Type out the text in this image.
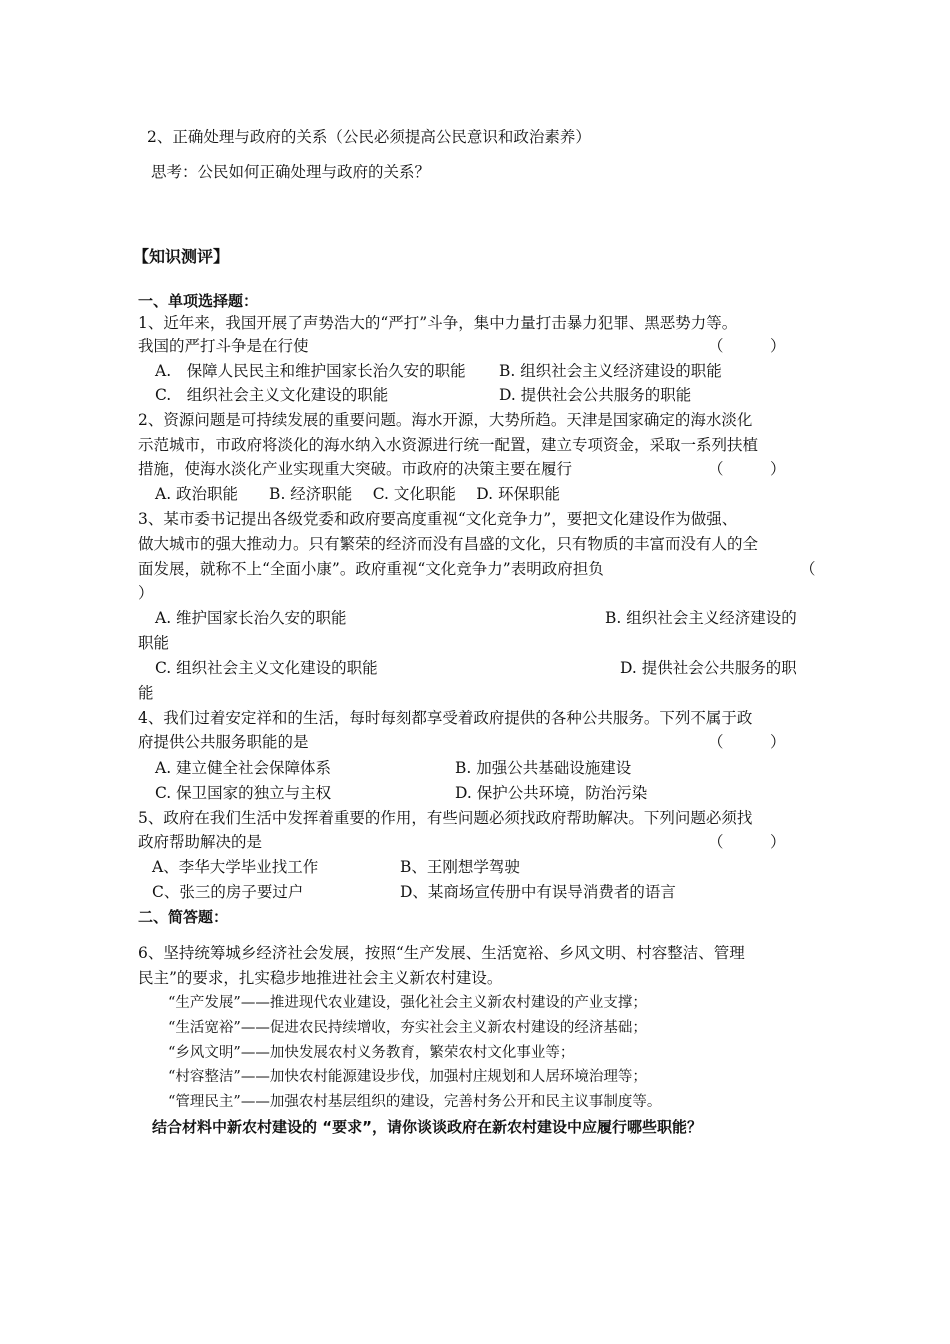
2、正确处理与政府的关系（公民必须提高公民意识和政治素养）
思考：公民如何正确处理与政府的关系？
【知识测评】
一、单项选择题：
1、近年来，我国开展了声势浩大的“严打”斗争，集中力量打击暴力犯罪、黑恶势力等。
我国的严打斗争是在行使	（　　　）
A.　保障人民民主和维护国家长治久安的职能 B. 组织社会主义经济建设的职能
C.　组织社会主义文化建设的职能	D. 提供社会公共服务的职能
2、资源问题是可持续发展的重要问题。海水开源，大势所趋。天津是国家确定的海水淡化
示范城市，市政府将淡化的海水纳入水资源进行统一配置，建立专项资金，采取一系列扶植
措施，使海水淡化产业实现重大突破。市政府的决策主要在履行	（　　　）
A. 政治职能　　B. 经济职能　 C. 文化职能　 D. 环保职能
3、某市委书记提出各级党委和政府要高度重视“文化竞争力”，要把文化建设作为做强、
做大城市的强大推动力。只有繁荣的经济而没有昌盛的文化，只有物质的丰富而没有人的全
面发展，就称不上“全面小康”。政府重视“文化竞争力”表明政府担负	（
）
A. 维护国家长治久安的职能	B. 组织社会主义经济建设的
职能
C. 组织社会主义文化建设的职能	D. 提供社会公共服务的职
能
4、我们过着安定祥和的生活，每时每刻都享受着政府提供的各种公共服务。下列不属于政
府提供公共服务职能的是	（　　　）
A. 建立健全社会保障体系	B. 加强公共基础设施建设
C. 保卫国家的独立与主权	D. 保护公共环境，防治污染
5、政府在我们生活中发挥着重要的作用，有些问题必须找政府帮助解决。下列问题必须找
政府帮助解决的是	（　　　）
A、李华大学毕业找工作	B、王刚想学驾驶
C、张三的房子要过户	D、某商场宣传册中有误导消费者的语言
二、简答题：
6、坚持统筹城乡经济社会发展，按照“生产发展、生活宽裕、乡风文明、村容整洁、管理
民主”的要求，扎实稳步地推进社会主义新农村建设。
“生产发展”——推进现代农业建设，强化社会主义新农村建设的产业支撑；
“生活宽裕”——促进农民持续增收，夯实社会主义新农村建设的经济基础；
“乡风文明”——加快发展农村义务教育，繁荣农村文化事业等；
“村容整洁”——加快农村能源建设步伐，加强村庄规划和人居环境治理等；
“管理民主”——加强农村基层组织的建设，完善村务公开和民主议事制度等。
结合材料中新农村建设的 “要求”，请你谈谈政府在新农村建设中应履行哪些职能？
